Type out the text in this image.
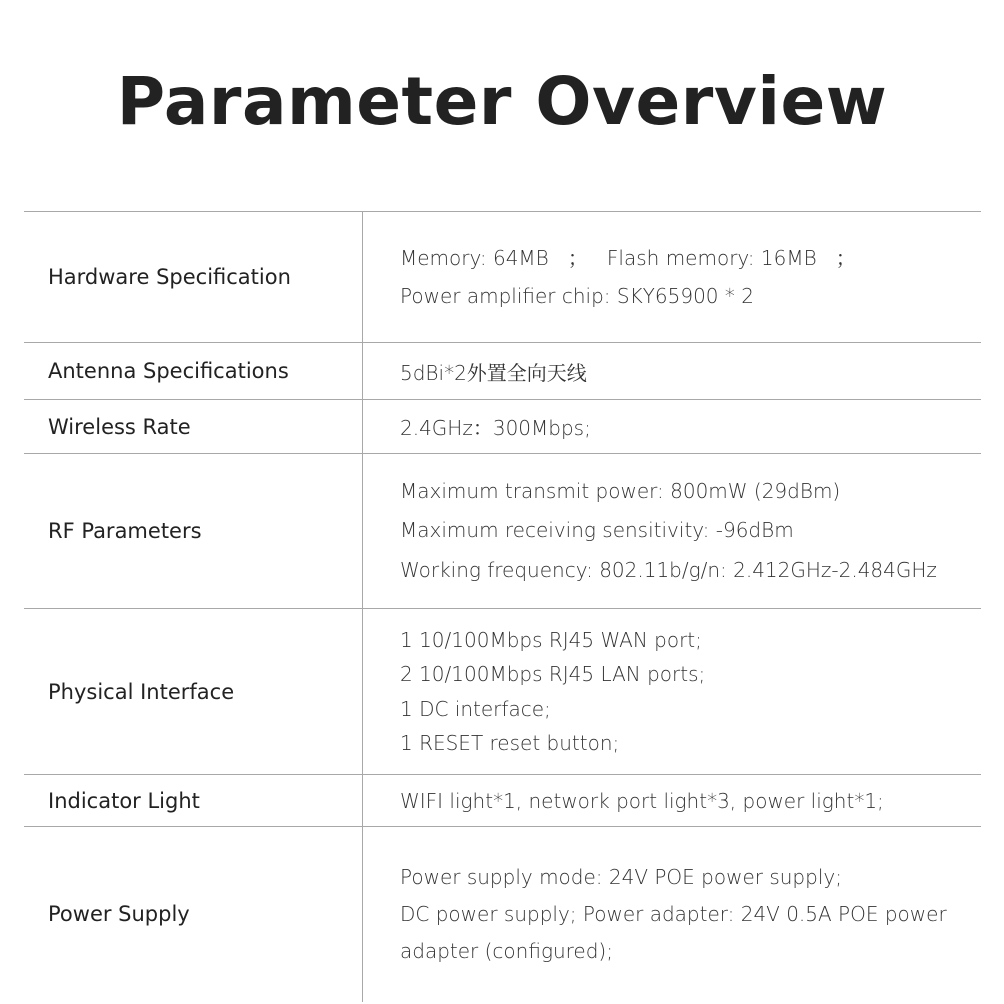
Parameter Overview
Hardware Specification	Memory: 64MB   ；   Flash memory: 16MB   ；
Power amplifier chip: SKY65900 * 2

Antenna Specifications	5dBi*2外置全向天线

Wireless Rate	2.4GHz：300Mbps;

RF Parameters	Maximum transmit power: 800mW (29dBm)
Maximum receiving sensitivity: -96dBm
Working frequency: 802.11b/g/n: 2.412GHz-2.484GHz

Physical Interface	1 10/100Mbps RJ45 WAN port;
2 10/100Mbps RJ45 LAN ports;
1 DC interface;
1 RESET reset button;

Indicator Light	WIFI light*1, network port light*3, power light*1;

Power Supply	Power supply mode: 24V POE power supply;
DC power supply; Power adapter: 24V 0.5A POE power adapter (configured);
